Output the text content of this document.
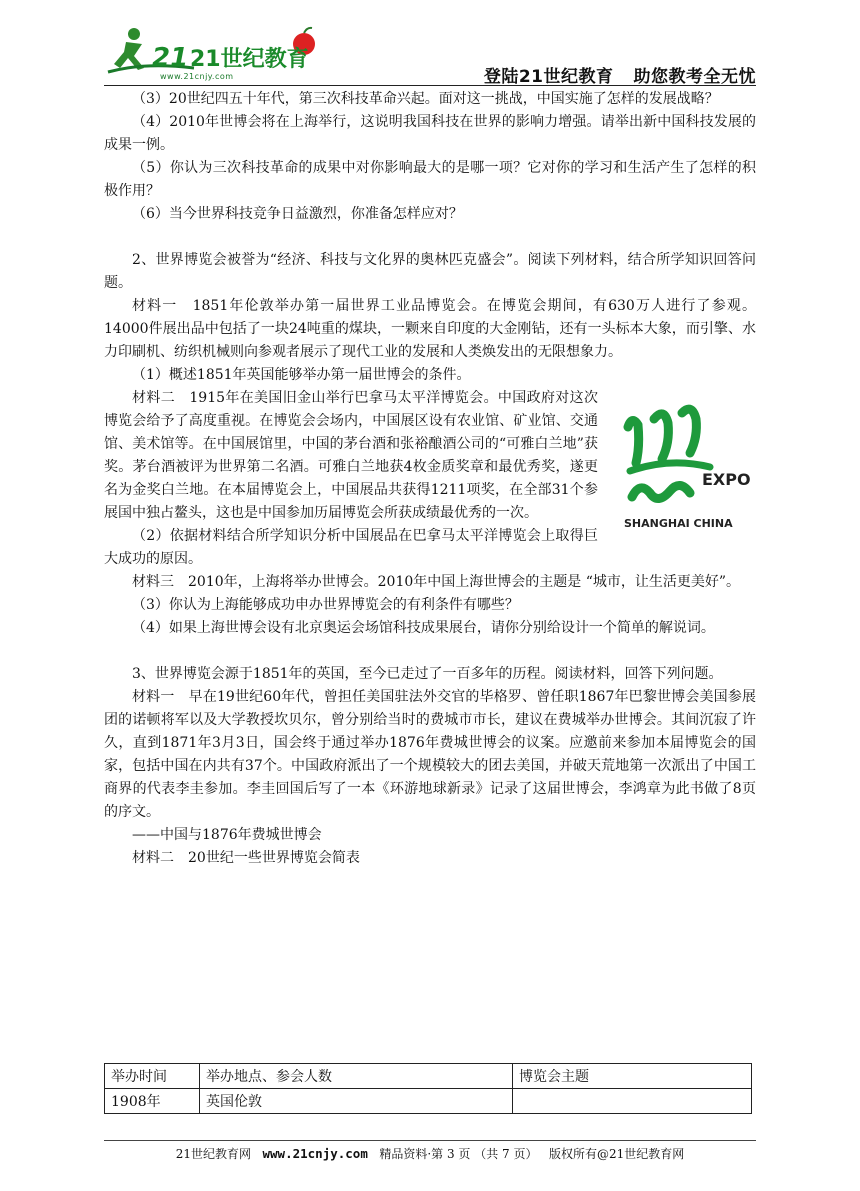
21 21世纪教育
www.21cnjy.com	登陆21世纪教育 助您教考全无忧

（3）20世纪四五十年代，第三次科技革命兴起。面对这一挑战，中国实施了怎样的发展战略？

（4）2010年世博会将在上海举行，这说明我国科技在世界的影响力增强。请举出新中国科技发展的成果一例。

（5）你认为三次科技革命的成果中对你影响最大的是哪一项？它对你的学习和生活产生了怎样的积极作用？

（6）当今世界科技竞争日益激烈，你准备怎样应对？

2、世界博览会被誉为“经济、科技与文化界的奥林匹克盛会”。阅读下列材料，结合所学知识回答问题。

材料一　1851年伦敦举办第一届世界工业品博览会。在博览会期间，有630万人进行了参观。14000件展出品中包括了一块24吨重的煤块，一颗来自印度的大金刚钻，还有一头标本大象，而引擎、水力印刷机、纺织机械则向参观者展示了现代工业的发展和人类焕发出的无限想象力。

（1）概述1851年英国能够举办第一届世博会的条件。

EXPO
SHANGHAI CHINA

材料二　1915年在美国旧金山举行巴拿马太平洋博览会。中国政府对这次博览会给予了高度重视。在博览会会场内，中国展区设有农业馆、矿业馆、交通馆、美术馆等。在中国展馆里，中国的茅台酒和张裕酿酒公司的“可雅白兰地”获奖。茅台酒被评为世界第二名酒。可雅白兰地获4枚金质奖章和最优秀奖，遂更名为金奖白兰地。在本届博览会上，中国展品共获得1211项奖，在全部31个参展国中独占鳌头，这也是中国参加历届博览会所获成绩最优秀的一次。

（2）依据材料结合所学知识分析中国展品在巴拿马太平洋博览会上取得巨大成功的原因。

材料三　2010年，上海将举办世博会。2010年中国上海世博会的主题是 “城市，让生活更美好”。

（3）你认为上海能够成功申办世界博览会的有利条件有哪些？

（4）如果上海世博会设有北京奥运会场馆科技成果展台，请你分别给设计一个简单的解说词。

3、世界博览会源于1851年的英国，至今已走过了一百多年的历程。阅读材料，回答下列问题。

材料一　早在19世纪60年代，曾担任美国驻法外交官的毕格罗、曾任职1867年巴黎世博会美国参展团的诺顿将军以及大学教授坎贝尔，曾分别给当时的费城市市长，建议在费城举办世博会。其间沉寂了许久，直到1871年3月3日，国会终于通过举办1876年费城世博会的议案。应邀前来参加本届博览会的国家，包括中国在内共有37个。中国政府派出了一个规模较大的团去美国，并破天荒地第一次派出了中国工商界的代表李圭参加。李圭回国后写了一本《环游地球新录》记录了这届世博会，李鸿章为此书做了8页的序文。

——中国与1876年费城世博会

材料二　20世纪一些世界博览会简表

举办时间	举办地点、参会人数	博览会主题
1908年	英国伦敦	
21世纪教育网 www.21cnjy.com 精品资料·第 3 页 （共 7 页） 版权所有@21世纪教育网
